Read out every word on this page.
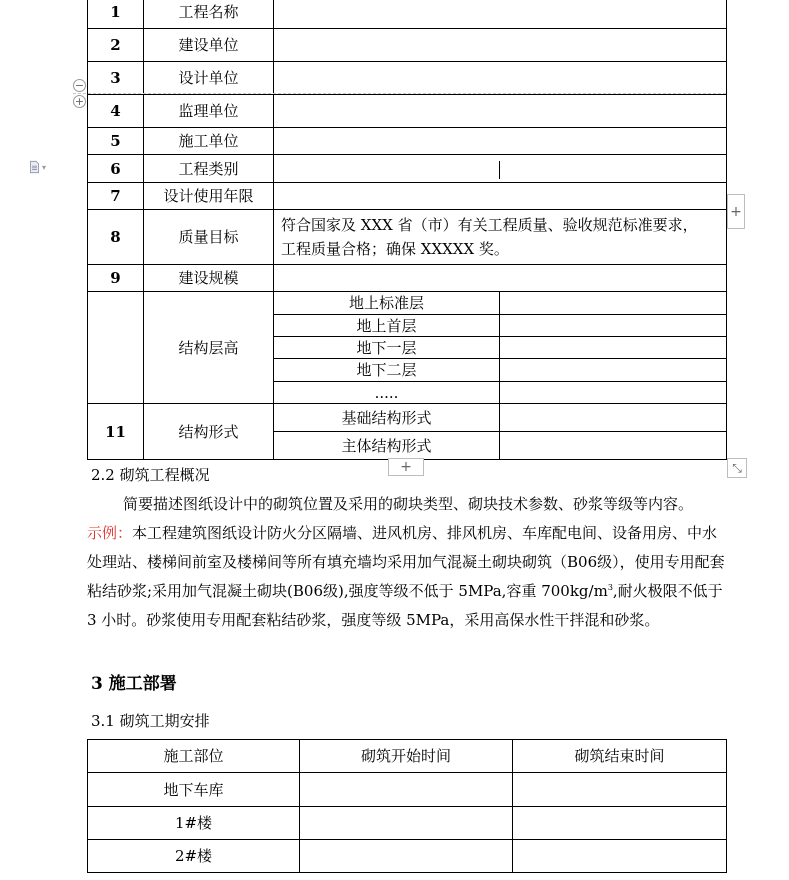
1	工程名称		
2	建设单位		
3	设计单位		
4	监理单位		
5	施工单位		
6	工程类别		
7	设计使用年限		
8	质量目标	符合国家及 XXX 省（市）有关工程质量、验收规范标准要求，
工程质量合格；确保 XXXXX 奖。	
9	建设规模		
	结构层高	地上标准层	
		地上首层	
		地下一层	
		地下二层	
		.....	
11	结构形式	基础结构形式	
		主体结构形式	
−
+
▾
+
+	⤡

2.2 砌筑工程概况

简要描述图纸设计中的砌筑位置及采用的砌块类型、砌块技术参数、砂浆等级等内容。

示例：本工程建筑图纸设计防火分区隔墙、进风机房、排风机房、车库配电间、设备用房、中水处理站、楼梯间前室及楼梯间等所有填充墙均采用加气混凝土砌块砌筑（B06级），使用专用配套粘结砂浆;采用加气混凝土砌块(B06级),强度等级不低于 5MPa,容重 $700kg/m^3$,耐火极限不低于 3 小时。砂浆使用专用配套粘结砂浆，强度等级 5MPa，采用高保水性干拌混和砂浆。

3 施工部署

3.1 砌筑工期安排

施工部位	砌筑开始时间	砌筑结束时间
地下车库		
1#楼		
2#楼		
